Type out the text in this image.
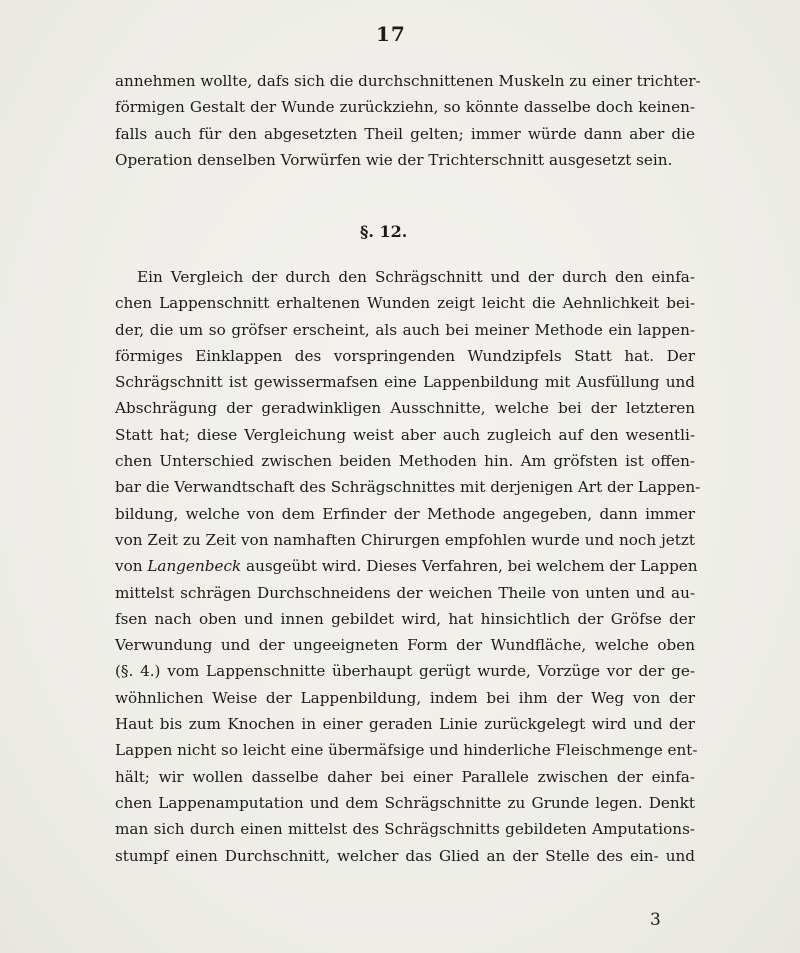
17
annehmen wollte, dafs sich die durchschnittenen Muskeln zu einer trichter-
förmigen Gestalt der Wunde zurückziehn, so könnte dasselbe doch keinen-
falls auch für den abgesetzten Theil gelten; immer würde dann aber die
Operation denselben Vorwürfen wie der Trichterschnitt ausgesetzt sein.
§. 12.
Ein Vergleich der durch den Schrägschnitt und der durch den einfa-
chen Lappenschnitt erhaltenen Wunden zeigt leicht die Aehnlichkeit bei-
der, die um so gröfser erscheint, als auch bei meiner Methode ein lappen-
förmiges Einklappen des vorspringenden Wundzipfels Statt hat. Der
Schrägschnitt ist gewissermafsen eine Lappenbildung mit Ausfüllung und
Abschrägung der geradwinkligen Ausschnitte, welche bei der letzteren
Statt hat; diese Vergleichung weist aber auch zugleich auf den wesentli-
chen Unterschied zwischen beiden Methoden hin. Am gröfsten ist offen-
bar die Verwandtschaft des Schrägschnittes mit derjenigen Art der Lappen-
bildung, welche von dem Erfinder der Methode angegeben, dann immer
von Zeit zu Zeit von namhaften Chirurgen empfohlen wurde und noch jetzt
von Langenbeck ausgeübt wird. Dieses Verfahren, bei welchem der Lappen
mittelst schrägen Durchschneidens der weichen Theile von unten und au-
fsen nach oben und innen gebildet wird, hat hinsichtlich der Gröfse der
Verwundung und der ungeeigneten Form der Wundfläche, welche oben
(§. 4.) vom Lappenschnitte überhaupt gerügt wurde, Vorzüge vor der ge-
wöhnlichen Weise der Lappenbildung, indem bei ihm der Weg von der
Haut bis zum Knochen in einer geraden Linie zurückgelegt wird und der
Lappen nicht so leicht eine übermäfsige und hinderliche Fleischmenge ent-
hält; wir wollen dasselbe daher bei einer Parallele zwischen der einfa-
chen Lappenamputation und dem Schrägschnitte zu Grunde legen. Denkt
man sich durch einen mittelst des Schrägschnitts gebildeten Amputations-
stumpf einen Durchschnitt, welcher das Glied an der Stelle des ein- und
3
